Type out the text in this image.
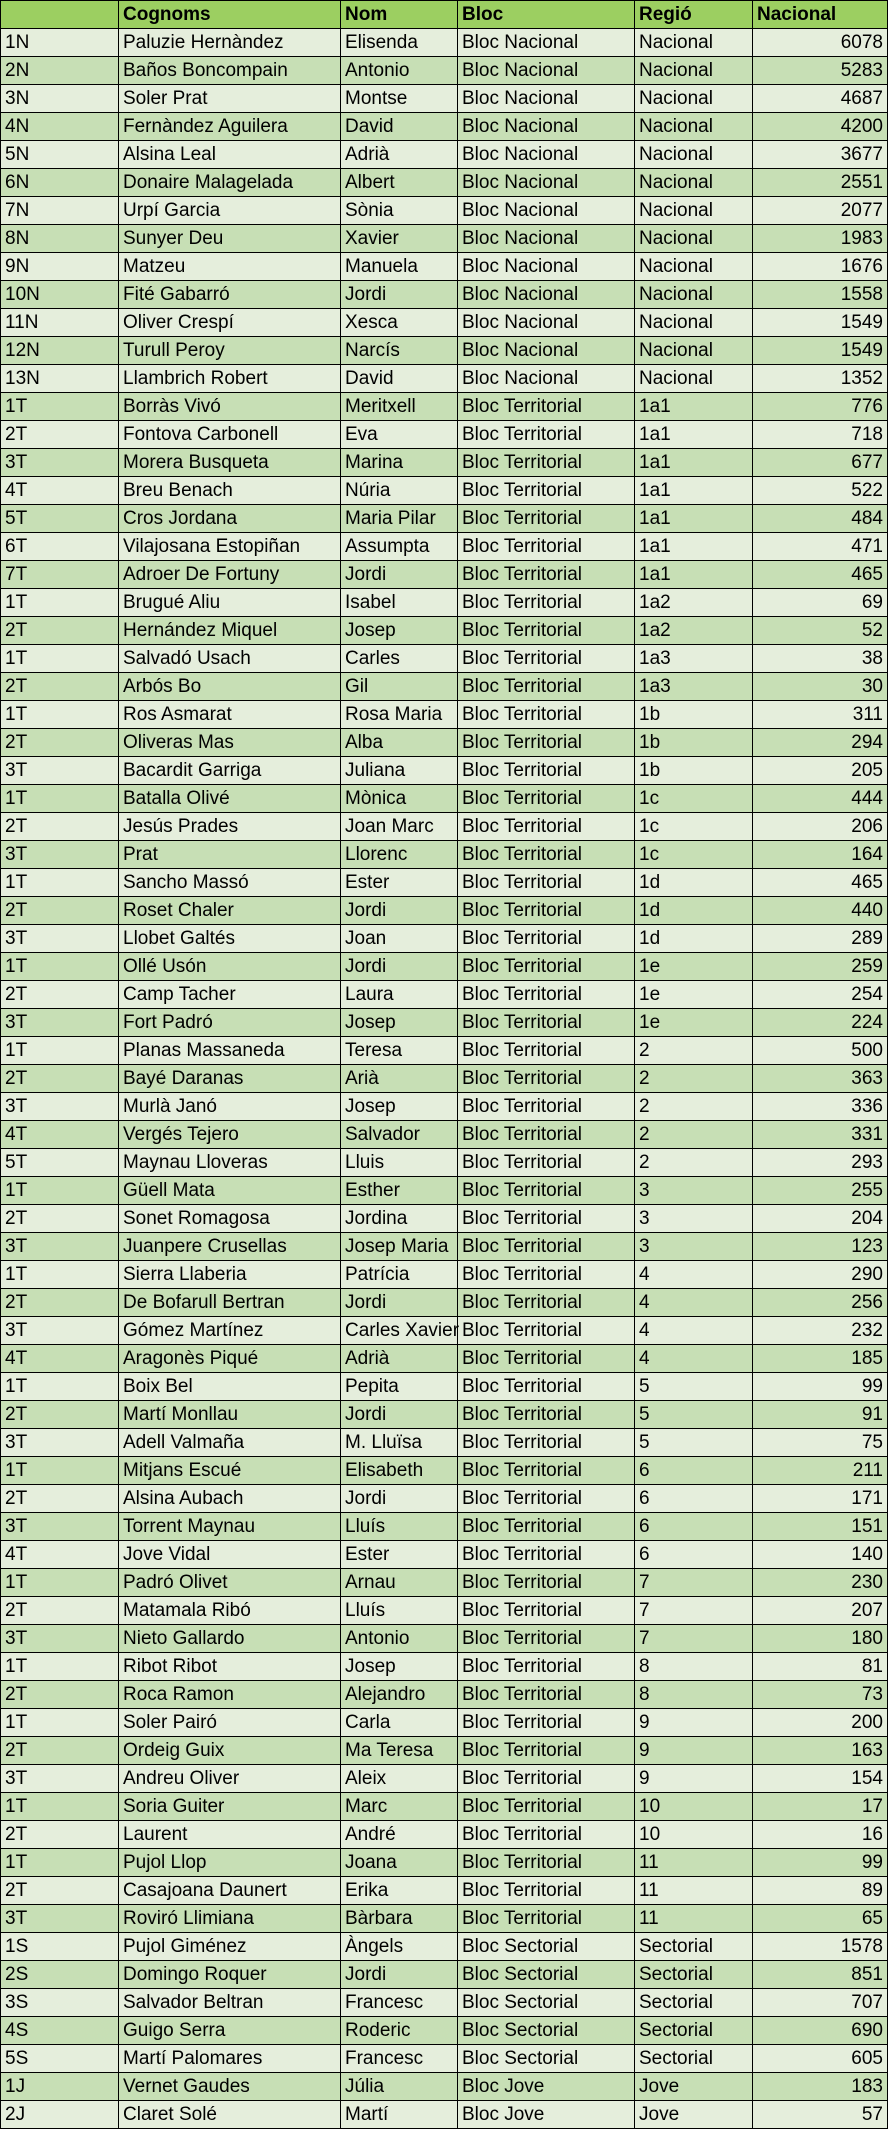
	Cognoms	Nom	Bloc	Regió	Nacional
1N	Paluzie Hernàndez	Elisenda	Bloc Nacional	Nacional	6078
2N	Baños Boncompain	Antonio	Bloc Nacional	Nacional	5283
3N	Soler Prat	Montse	Bloc Nacional	Nacional	4687
4N	Fernàndez Aguilera	David	Bloc Nacional	Nacional	4200
5N	Alsina Leal	Adrià	Bloc Nacional	Nacional	3677
6N	Donaire Malagelada	Albert	Bloc Nacional	Nacional	2551
7N	Urpí Garcia	Sònia	Bloc Nacional	Nacional	2077
8N	Sunyer Deu	Xavier	Bloc Nacional	Nacional	1983
9N	Matzeu	Manuela	Bloc Nacional	Nacional	1676
10N	Fité Gabarró	Jordi	Bloc Nacional	Nacional	1558
11N	Oliver Crespí	Xesca	Bloc Nacional	Nacional	1549
12N	Turull Peroy	Narcís	Bloc Nacional	Nacional	1549
13N	Llambrich Robert	David	Bloc Nacional	Nacional	1352
1T	Borràs Vivó	Meritxell	Bloc Territorial	1a1	776
2T	Fontova Carbonell	Eva	Bloc Territorial	1a1	718
3T	Morera Busqueta	Marina	Bloc Territorial	1a1	677
4T	Breu Benach	Núria	Bloc Territorial	1a1	522
5T	Cros Jordana	Maria Pilar	Bloc Territorial	1a1	484
6T	Vilajosana Estopiñan	Assumpta	Bloc Territorial	1a1	471
7T	Adroer De Fortuny	Jordi	Bloc Territorial	1a1	465
1T	Brugué Aliu	Isabel	Bloc Territorial	1a2	69
2T	Hernández Miquel	Josep	Bloc Territorial	1a2	52
1T	Salvadó Usach	Carles	Bloc Territorial	1a3	38
2T	Arbós Bo	Gil	Bloc Territorial	1a3	30
1T	Ros Asmarat	Rosa Maria	Bloc Territorial	1b	311
2T	Oliveras Mas	Alba	Bloc Territorial	1b	294
3T	Bacardit Garriga	Juliana	Bloc Territorial	1b	205
1T	Batalla Olivé	Mònica	Bloc Territorial	1c	444
2T	Jesús Prades	Joan Marc	Bloc Territorial	1c	206
3T	Prat	Llorenc	Bloc Territorial	1c	164
1T	Sancho Massó	Ester	Bloc Territorial	1d	465
2T	Roset Chaler	Jordi	Bloc Territorial	1d	440
3T	Llobet Galtés	Joan	Bloc Territorial	1d	289
1T	Ollé Usón	Jordi	Bloc Territorial	1e	259
2T	Camp Tacher	Laura	Bloc Territorial	1e	254
3T	Fort Padró	Josep	Bloc Territorial	1e	224
1T	Planas Massaneda	Teresa	Bloc Territorial	2	500
2T	Bayé Daranas	Arià	Bloc Territorial	2	363
3T	Murlà Janó	Josep	Bloc Territorial	2	336
4T	Vergés Tejero	Salvador	Bloc Territorial	2	331
5T	Maynau Lloveras	Lluis	Bloc Territorial	2	293
1T	Güell Mata	Esther	Bloc Territorial	3	255
2T	Sonet Romagosa	Jordina	Bloc Territorial	3	204
3T	Juanpere Crusellas	Josep Maria	Bloc Territorial	3	123
1T	Sierra Llaberia	Patrícia	Bloc Territorial	4	290
2T	De Bofarull Bertran	Jordi	Bloc Territorial	4	256
3T	Gómez Martínez	Carles Xavier	Bloc Territorial	4	232
4T	Aragonès Piqué	Adrià	Bloc Territorial	4	185
1T	Boix Bel	Pepita	Bloc Territorial	5	99
2T	Martí Monllau	Jordi	Bloc Territorial	5	91
3T	Adell Valmaña	M. Lluïsa	Bloc Territorial	5	75
1T	Mitjans Escué	Elisabeth	Bloc Territorial	6	211
2T	Alsina Aubach	Jordi	Bloc Territorial	6	171
3T	Torrent Maynau	Lluís	Bloc Territorial	6	151
4T	Jove Vidal	Ester	Bloc Territorial	6	140
1T	Padró Olivet	Arnau	Bloc Territorial	7	230
2T	Matamala Ribó	Lluís	Bloc Territorial	7	207
3T	Nieto Gallardo	Antonio	Bloc Territorial	7	180
1T	Ribot Ribot	Josep	Bloc Territorial	8	81
2T	Roca Ramon	Alejandro	Bloc Territorial	8	73
1T	Soler Pairó	Carla	Bloc Territorial	9	200
2T	Ordeig Guix	Ma Teresa	Bloc Territorial	9	163
3T	Andreu Oliver	Aleix	Bloc Territorial	9	154
1T	Soria Guiter	Marc	Bloc Territorial	10	17
2T	Laurent	André	Bloc Territorial	10	16
1T	Pujol Llop	Joana	Bloc Territorial	11	99
2T	Casajoana Daunert	Erika	Bloc Territorial	11	89
3T	Roviró Llimiana	Bàrbara	Bloc Territorial	11	65
1S	Pujol Giménez	Àngels	Bloc Sectorial	Sectorial	1578
2S	Domingo Roquer	Jordi	Bloc Sectorial	Sectorial	851
3S	Salvador Beltran	Francesc	Bloc Sectorial	Sectorial	707
4S	Guigo Serra	Roderic	Bloc Sectorial	Sectorial	690
5S	Martí Palomares	Francesc	Bloc Sectorial	Sectorial	605
1J	Vernet Gaudes	Júlia	Bloc Jove	Jove	183
2J	Claret Solé	Martí	Bloc Jove	Jove	57
